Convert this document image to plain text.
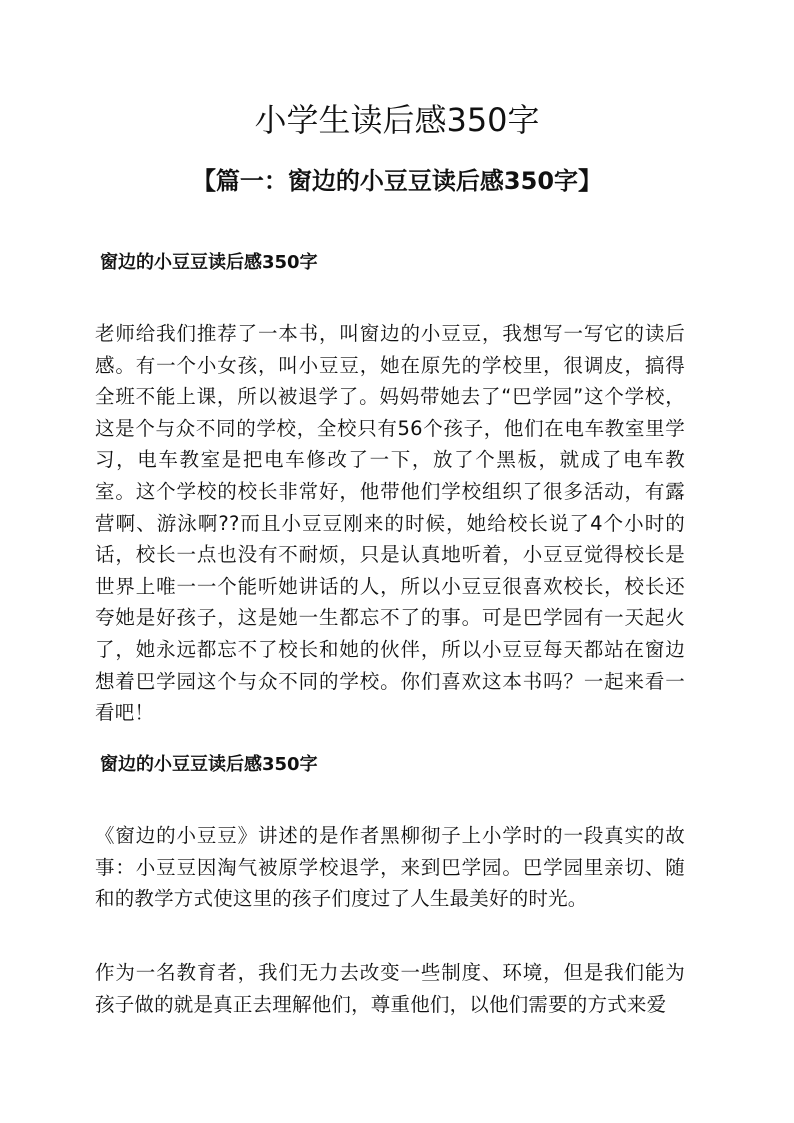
小学生读后感350字
【篇一：窗边的小豆豆读后感350字】
窗边的小豆豆读后感350字

老师给我们推荐了一本书，叫窗边的小豆豆，我想写一写它的读后感。有一个小女孩，叫小豆豆，她在原先的学校里，很调皮，搞得全班不能上课，所以被退学了。妈妈带她去了“巴学园”这个学校，这是个与众不同的学校，全校只有56个孩子，他们在电车教室里学习，电车教室是把电车修改了一下，放了个黑板，就成了电车教室。这个学校的校长非常好，他带他们学校组织了很多活动，有露营啊、游泳啊??而且小豆豆刚来的时候，她给校长说了4个小时的话，校长一点也没有不耐烦，只是认真地听着，小豆豆觉得校长是世界上唯一一个能听她讲话的人，所以小豆豆很喜欢校长，校长还夸她是好孩子，这是她一生都忘不了的事。可是巴学园有一天起火了，她永远都忘不了校长和她的伙伴，所以小豆豆每天都站在窗边想着巴学园这个与众不同的学校。你们喜欢这本书吗？一起来看一看吧！

窗边的小豆豆读后感350字

《窗边的小豆豆》讲述的是作者黑柳彻子上小学时的一段真实的故事：小豆豆因淘气被原学校退学，来到巴学园。巴学园里亲切、随和的教学方式使这里的孩子们度过了人生最美好的时光。

作为一名教育者，我们无力去改变一些制度、环境，但是我们能为孩子做的就是真正去理解他们，尊重他们，以他们需要的方式来爱
